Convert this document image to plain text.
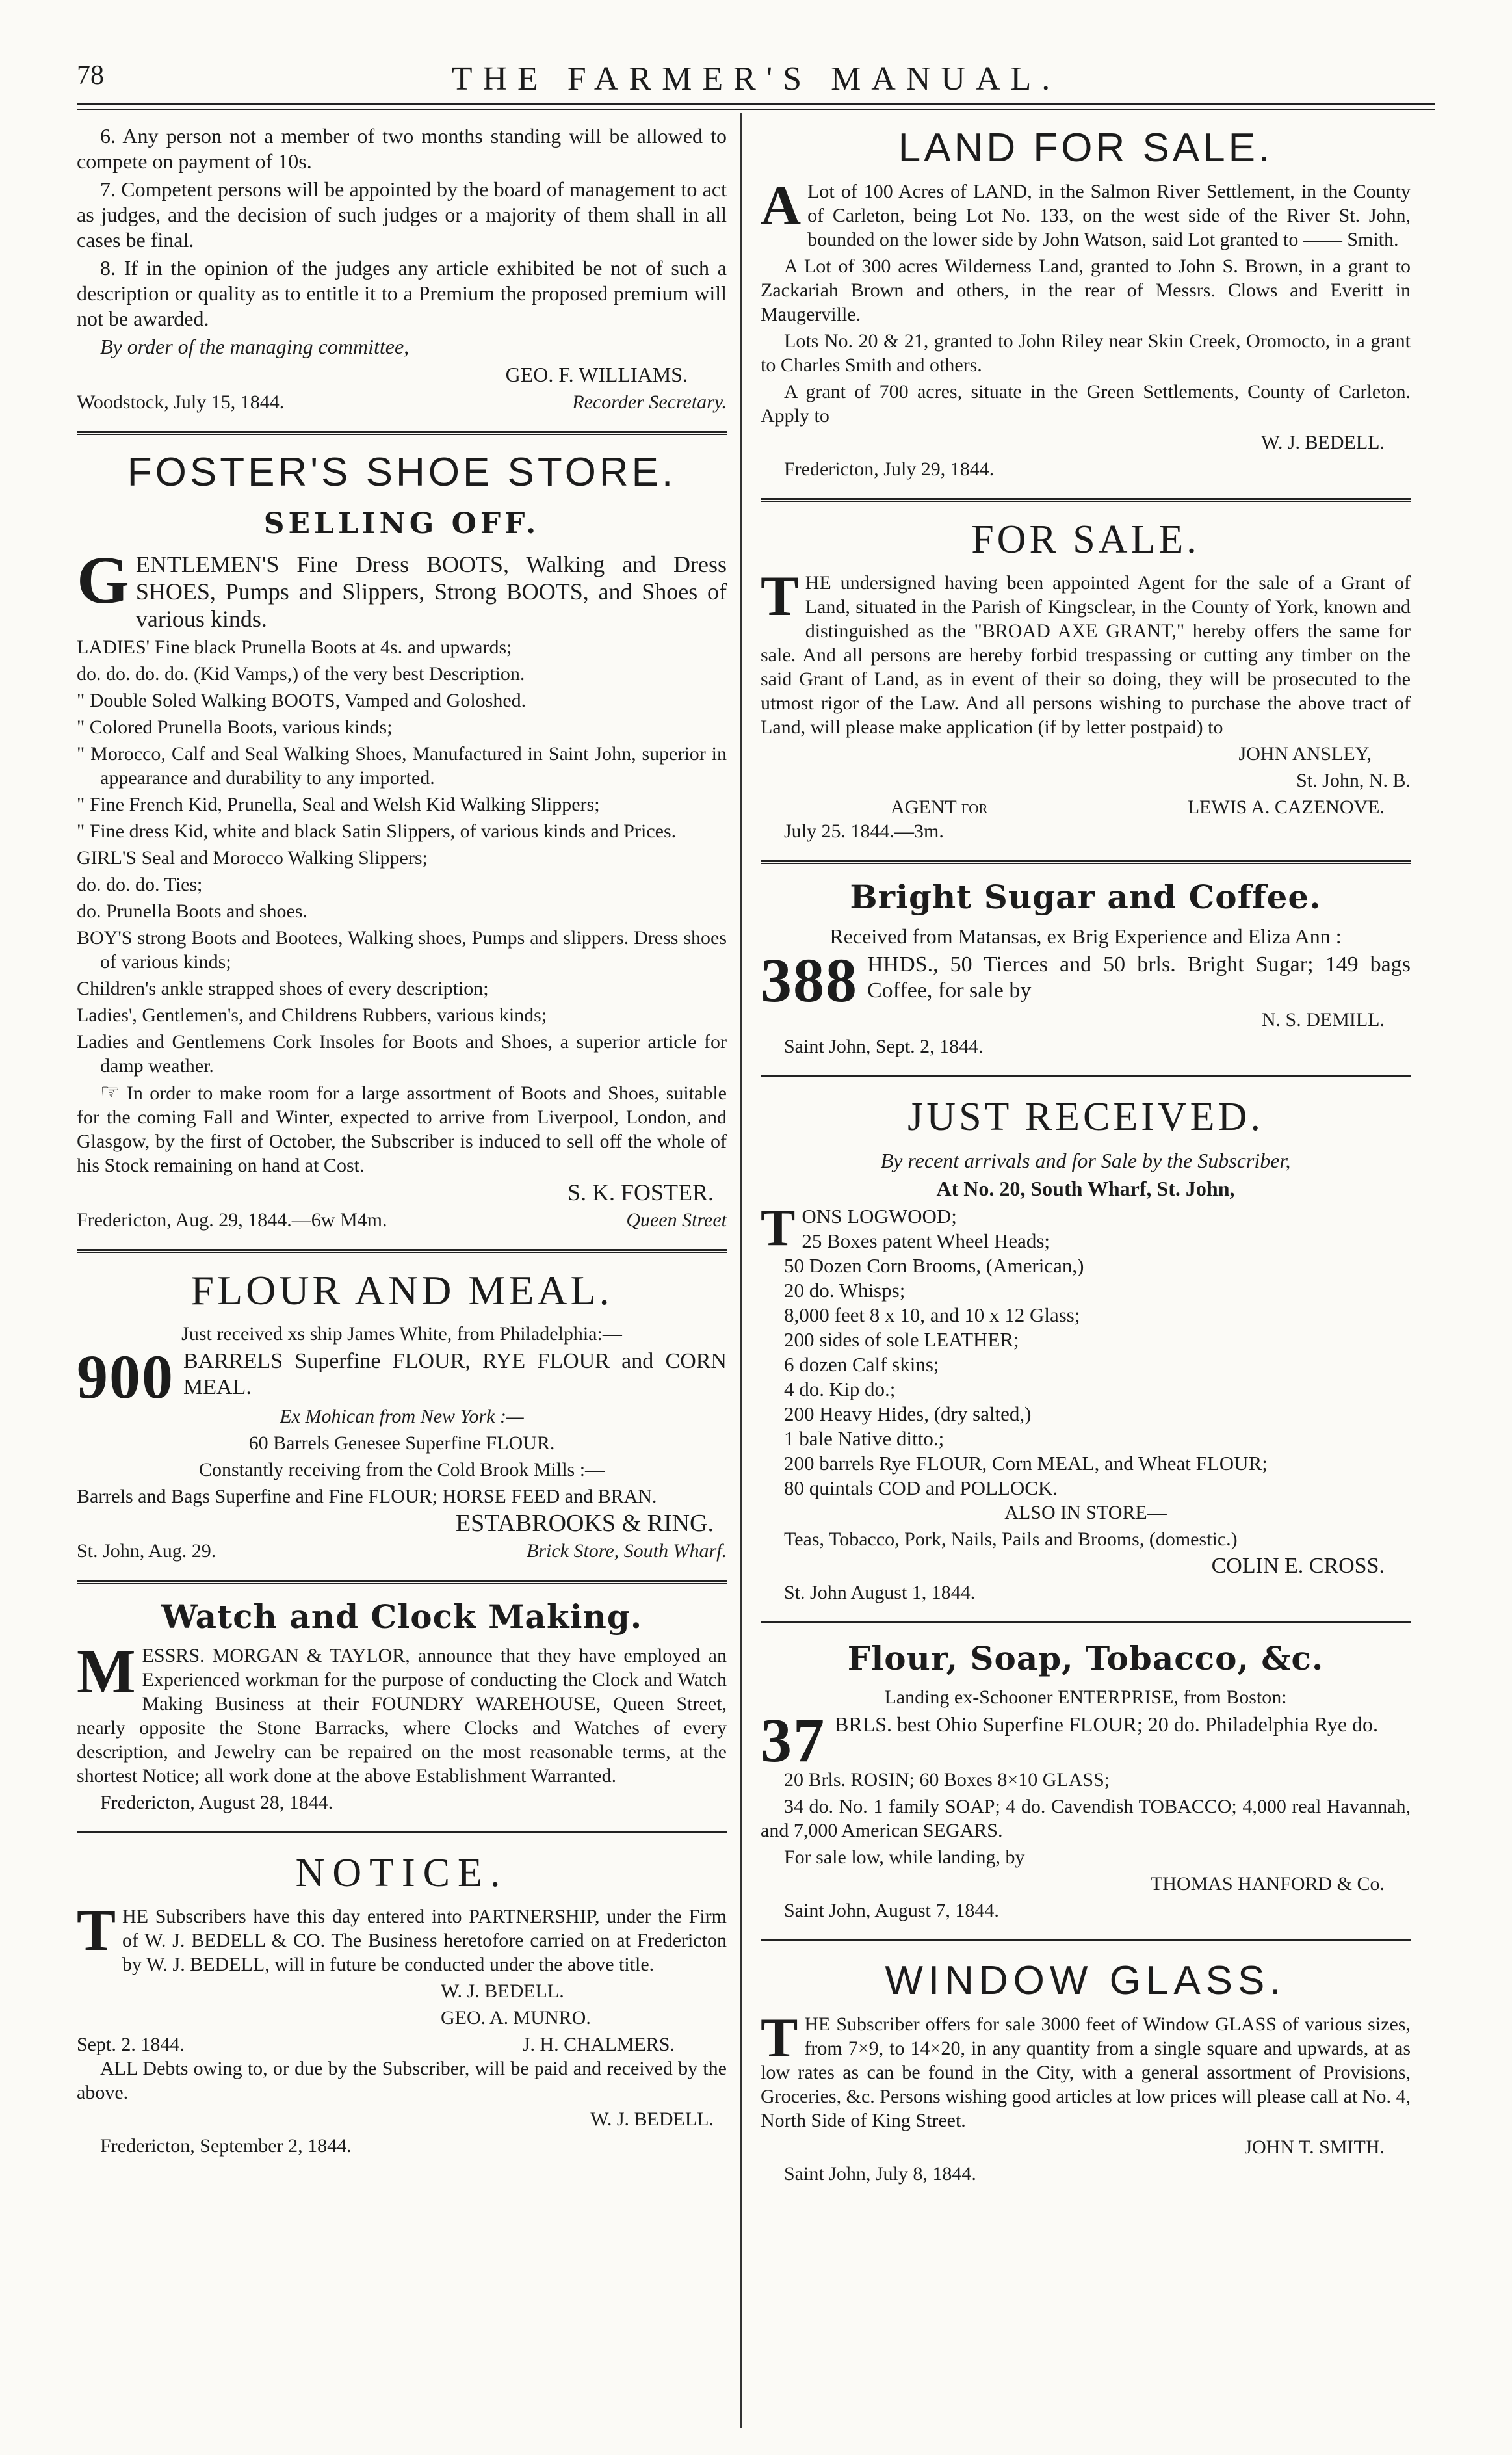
78	THE FARMER'S MANUAL.

6. Any person not a member of two months standing will be allowed to compete on payment of 10s.

7. Competent persons will be appointed by the board of management to act as judges, and the decision of such judges or a majority of them shall in all cases be final.

8. If in the opinion of the judges any article exhibited be not of such a description or quality as to entitle it to a Premium the proposed premium will not be awarded.

By order of the managing committee,

GEO. F. WILLIAMS.

Woodstock, July 15, 1844.	Recorder Secretary.
FOSTER'S SHOE STORE.
SELLING OFF.

GENTLEMEN'S Fine Dress BOOTS, Walking and Dress SHOES, Pumps and Slippers, Strong BOOTS, and Shoes of various kinds.

LADIES' Fine black Prunella Boots at 4s. and upwards;

do. do. do. do. (Kid Vamps,) of the very best Description.

" Double Soled Walking BOOTS, Vamped and Goloshed.

" Colored Prunella Boots, various kinds;

" Morocco, Calf and Seal Walking Shoes, Manufactured in Saint John, superior in appearance and durability to any imported.

" Fine French Kid, Prunella, Seal and Welsh Kid Walking Slippers;

" Fine dress Kid, white and black Satin Slippers, of various kinds and Prices.

GIRL'S Seal and Morocco Walking Slippers;

do. do. do. Ties;

do. Prunella Boots and shoes.

BOY'S strong Boots and Bootees, Walking shoes, Pumps and slippers. Dress shoes of various kinds;

Children's ankle strapped shoes of every description;

Ladies', Gentlemen's, and Childrens Rubbers, various kinds;

Ladies and Gentlemens Cork Insoles for Boots and Shoes, a superior article for damp weather.

☞ In order to make room for a large assortment of Boots and Shoes, suitable for the coming Fall and Winter, expected to arrive from Liverpool, London, and Glasgow, by the first of October, the Subscriber is induced to sell off the whole of his Stock remaining on hand at Cost.

S. K. FOSTER.

Fredericton, Aug. 29, 1844.—6w M4m.	Queen Street
FLOUR AND MEAL.

Just received xs ship James White, from Philadelphia:—

900 BARRELS Superfine FLOUR, RYE FLOUR and CORN MEAL.

Ex Mohican from New York :—

60 Barrels Genesee Superfine FLOUR.

Constantly receiving from the Cold Brook Mills :—

Barrels and Bags Superfine and Fine FLOUR; HORSE FEED and BRAN.

ESTABROOKS & RING.

St. John, Aug. 29.	Brick Store, South Wharf.
Watch and Clock Making.

MESSRS. MORGAN & TAYLOR, announce that they have employed an Experienced workman for the purpose of conducting the Clock and Watch Making Business at their FOUNDRY WAREHOUSE, Queen Street, nearly opposite the Stone Barracks, where Clocks and Watches of every description, and Jewelry can be repaired on the most reasonable terms, at the shortest Notice; all work done at the above Establishment Warranted.

Fredericton, August 28, 1844.

NOTICE.

THE Subscribers have this day entered into PARTNERSHIP, under the Firm of W. J. BEDELL & CO. The Business heretofore carried on at Fredericton by W. J. BEDELL, will in future be conducted under the above title.

W. J. BEDELL.

GEO. A. MUNRO.

Sept. 2. 1844.	J. H. CHALMERS.

ALL Debts owing to, or due by the Subscriber, will be paid and received by the above.

W. J. BEDELL.

Fredericton, September 2, 1844.

LAND FOR SALE.

A Lot of 100 Acres of LAND, in the Salmon River Settlement, in the County of Carleton, being Lot No. 133, on the west side of the River St. John, bounded on the lower side by John Watson, said Lot granted to —— Smith.

A Lot of 300 acres Wilderness Land, granted to John S. Brown, in a grant to Zackariah Brown and others, in the rear of Messrs. Clows and Everitt in Maugerville.

Lots No. 20 & 21, granted to John Riley near Skin Creek, Oromocto, in a grant to Charles Smith and others.

A grant of 700 acres, situate in the Green Settlements, County of Carleton. Apply to

W. J. BEDELL.

Fredericton, July 29, 1844.

FOR SALE.

THE undersigned having been appointed Agent for the sale of a Grant of Land, situated in the Parish of Kingsclear, in the County of York, known and distinguished as the "BROAD AXE GRANT," hereby offers the same for sale. And all persons are hereby forbid trespassing or cutting any timber on the said Grant of Land, as in event of their so doing, they will be prosecuted to the utmost rigor of the Law. And all persons wishing to purchase the above tract of Land, will please make application (if by letter postpaid) to

JOHN ANSLEY,

St. John, N. B.

AGENT for	LEWIS A. CAZENOVE.

July 25. 1844.—3m.

Bright Sugar and Coffee.

Received from Matansas, ex Brig Experience and Eliza Ann :

388 HHDS., 50 Tierces and 50 brls. Bright Sugar; 149 bags Coffee, for sale by

N. S. DEMILL.

Saint John, Sept. 2, 1844.

JUST RECEIVED.

By recent arrivals and for Sale by the Subscriber,

At No. 20, South Wharf, St. John,

T ONS LOGWOOD;

25 Boxes patent Wheel Heads;

50 Dozen Corn Brooms, (American,)

20 do. Whisps;

8,000 feet 8 x 10, and 10 x 12 Glass;

200 sides of sole LEATHER;

6 dozen Calf skins;

4 do. Kip do.;

200 Heavy Hides, (dry salted,)

1 bale Native ditto.;

200 barrels Rye FLOUR, Corn MEAL, and Wheat FLOUR;

80 quintals COD and POLLOCK.

ALSO IN STORE—

Teas, Tobacco, Pork, Nails, Pails and Brooms, (domestic.)

COLIN E. CROSS.

St. John August 1, 1844.

Flour, Soap, Tobacco, &c.

Landing ex-Schooner ENTERPRISE, from Boston:

37 BRLS. best Ohio Superfine FLOUR; 20 do. Philadelphia Rye do.

20 Brls. ROSIN; 60 Boxes 8×10 GLASS;

34 do. No. 1 family SOAP; 4 do. Cavendish TOBACCO; 4,000 real Havannah, and 7,000 American SEGARS.

For sale low, while landing, by

THOMAS HANFORD & Co.

Saint John, August 7, 1844.

WINDOW GLASS.

THE Subscriber offers for sale 3000 feet of Window GLASS of various sizes, from 7×9, to 14×20, in any quantity from a single square and upwards, at as low rates as can be found in the City, with a general assortment of Provisions, Groceries, &c. Persons wishing good articles at low prices will please call at No. 4, North Side of King Street.

JOHN T. SMITH.

Saint John, July 8, 1844.
